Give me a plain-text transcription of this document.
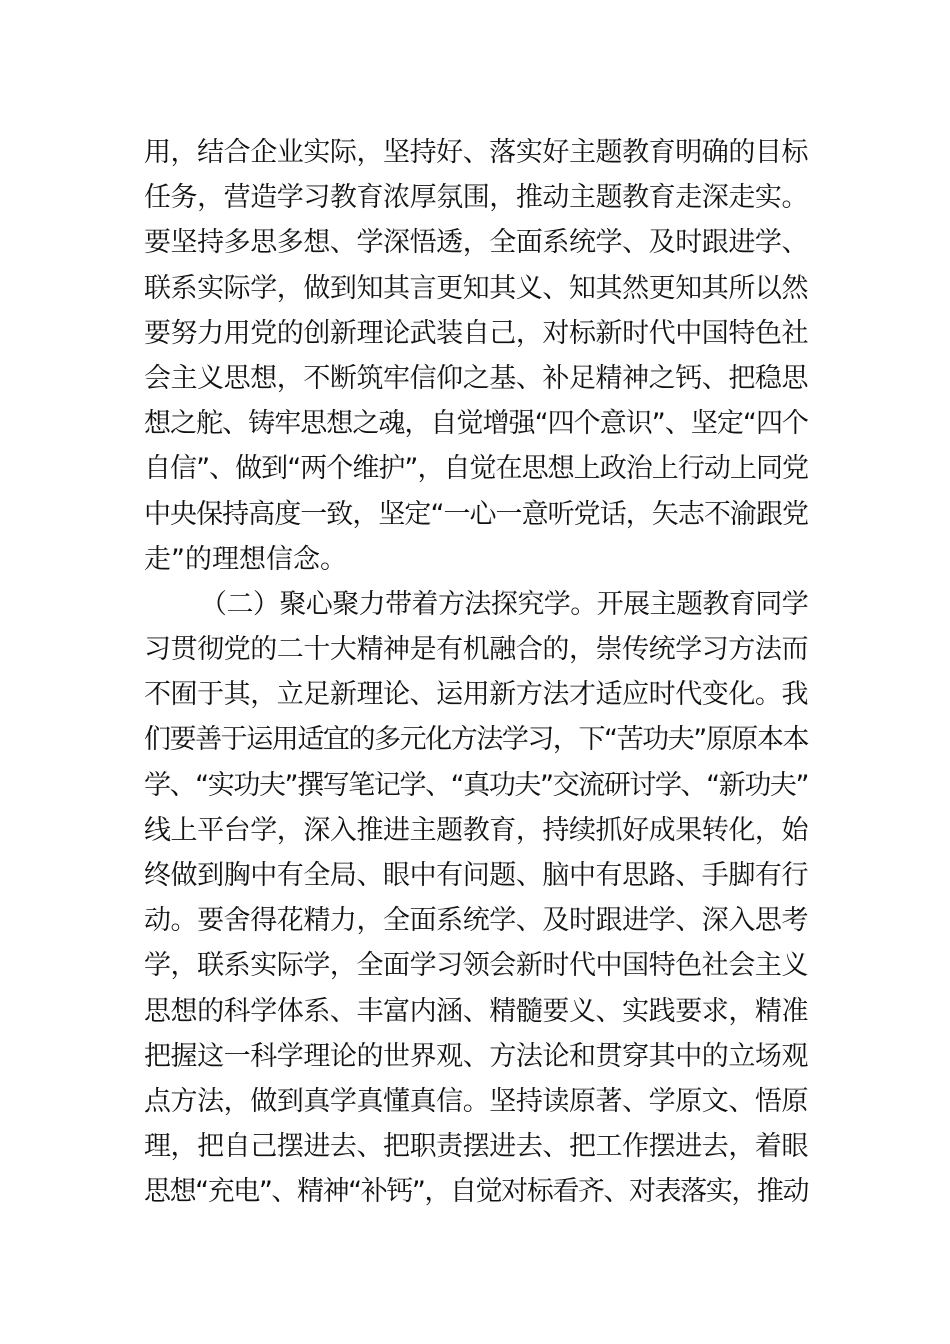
用，结合企业实际，坚持好、落实好主题教育明确的目标
任务，营造学习教育浓厚氛围，推动主题教育走深走实。
要坚持多思多想、学深悟透，全面系统学、及时跟进学、
联系实际学，做到知其言更知其义、知其然更知其所以然
要努力用党的创新理论武装自己，对标新时代中国特色社
会主义思想，不断筑牢信仰之基、补足精神之钙、把稳思
想之舵、铸牢思想之魂，自觉增强“四个意识”、坚定“四个
自信”、做到“两个维护”，自觉在思想上政治上行动上同党
中央保持高度一致，坚定“一心一意听党话，矢志不渝跟党
走”的理想信念。
（二）聚心聚力带着方法探究学。开展主题教育同学
习贯彻党的二十大精神是有机融合的，崇传统学习方法而
不囿于其，立足新理论、运用新方法才适应时代变化。我
们要善于运用适宜的多元化方法学习，下“苦功夫”原原本本
学、“实功夫”撰写笔记学、“真功夫”交流研讨学、“新功夫”
线上平台学，深入推进主题教育，持续抓好成果转化，始
终做到胸中有全局、眼中有问题、脑中有思路、手脚有行
动。要舍得花精力，全面系统学、及时跟进学、深入思考
学，联系实际学，全面学习领会新时代中国特色社会主义
思想的科学体系、丰富内涵、精髓要义、实践要求，精准
把握这一科学理论的世界观、方法论和贯穿其中的立场观
点方法，做到真学真懂真信。坚持读原著、学原文、悟原
理，把自己摆进去、把职责摆进去、把工作摆进去，着眼
思想“充电”、精神“补钙”，自觉对标看齐、对表落实，推动
